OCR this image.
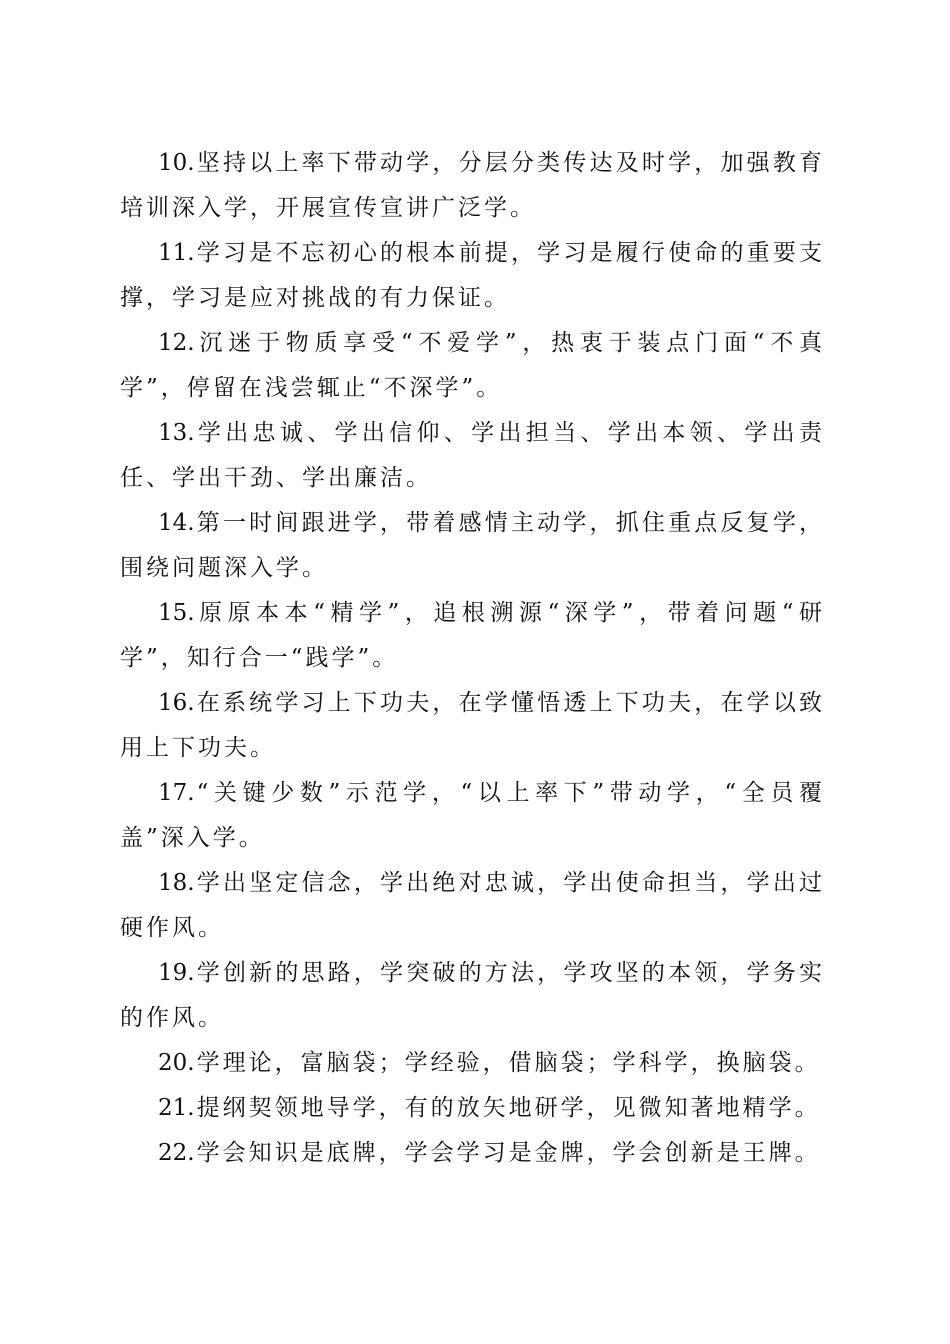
10.坚持以上率下带动学，分层分类传达及时学，加强教育培训深入学，开展宣传宣讲广泛学。

11.学习是不忘初心的根本前提，学习是履行使命的重要支撑，学习是应对挑战的有力保证。

12.沉迷于物质享受“不爱学”，热衷于装点门面“不真学”，停留在浅尝辄止“不深学”。

13.学出忠诚、学出信仰、学出担当、学出本领、学出责任、学出干劲、学出廉洁。

14.第一时间跟进学，带着感情主动学，抓住重点反复学，围绕问题深入学。

15.原原本本“精学”，追根溯源“深学”，带着问题“研学”，知行合一“践学”。

16.在系统学习上下功夫，在学懂悟透上下功夫，在学以致用上下功夫。

17.“关键少数”示范学，“以上率下”带动学，“全员覆盖”深入学。

18.学出坚定信念，学出绝对忠诚，学出使命担当，学出过硬作风。

19.学创新的思路，学突破的方法，学攻坚的本领，学务实的作风。

20.学理论，富脑袋；学经验，借脑袋；学科学，换脑袋。

21.提纲契领地导学，有的放矢地研学，见微知著地精学。

22.学会知识是底牌，学会学习是金牌，学会创新是王牌。
